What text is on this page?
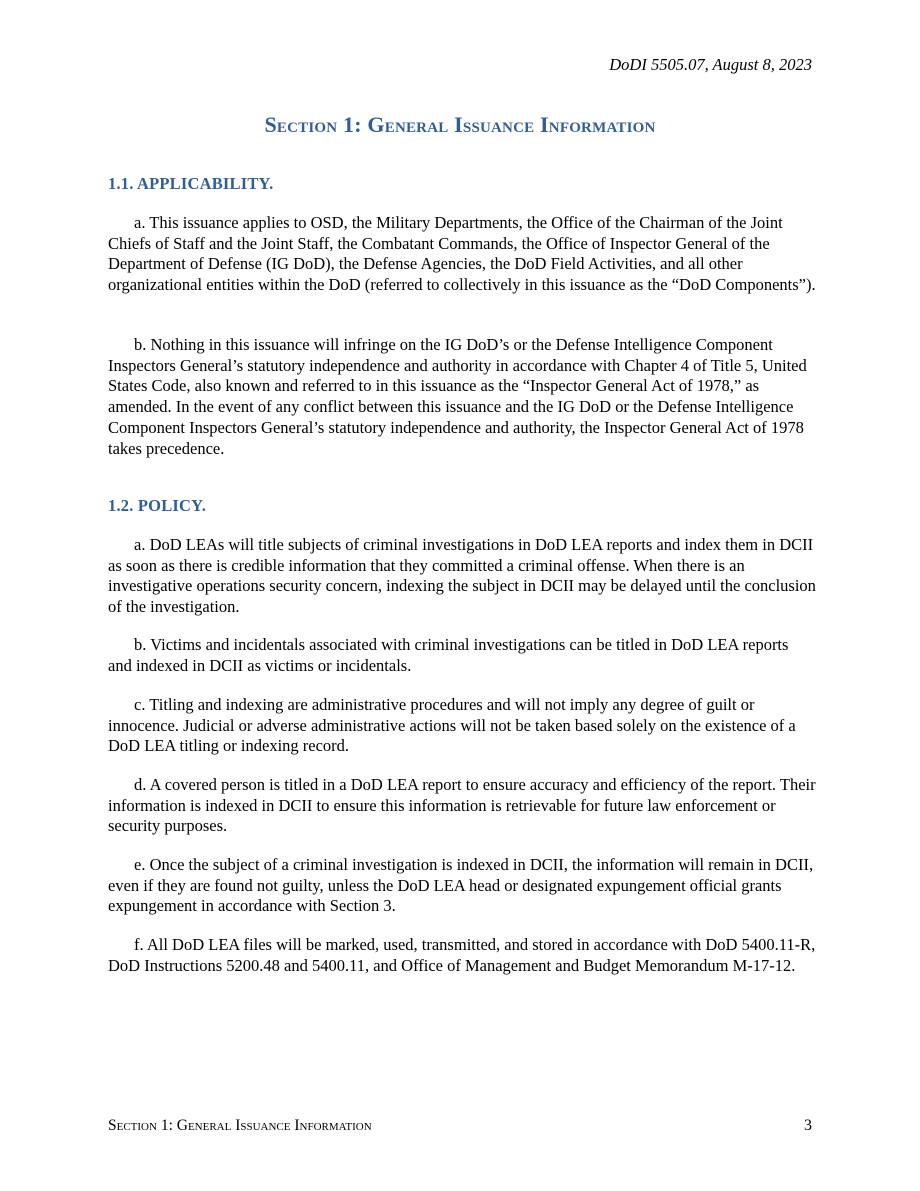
DoDI 5505.07, August 8, 2023
Section 1: General Issuance Information
1.1. APPLICABILITY.

a. This issuance applies to OSD, the Military Departments, the Office of the Chairman of the Joint Chiefs of Staff and the Joint Staff, the Combatant Commands, the Office of Inspector General of the Department of Defense (IG DoD), the Defense Agencies, the DoD Field Activities, and all other organizational entities within the DoD (referred to collectively in this issuance as the “DoD Components”).

b. Nothing in this issuance will infringe on the IG DoD’s or the Defense Intelligence Component Inspectors General’s statutory independence and authority in accordance with Chapter 4 of Title 5, United States Code, also known and referred to in this issuance as the “Inspector General Act of 1978,” as amended. In the event of any conflict between this issuance and the IG DoD or the Defense Intelligence Component Inspectors General’s statutory independence and authority, the Inspector General Act of 1978 takes precedence.

1.2. POLICY.

a. DoD LEAs will title subjects of criminal investigations in DoD LEA reports and index them in DCII as soon as there is credible information that they committed a criminal offense. When there is an investigative operations security concern, indexing the subject in DCII may be delayed until the conclusion of the investigation.

b. Victims and incidentals associated with criminal investigations can be titled in DoD LEA reports and indexed in DCII as victims or incidentals.

c. Titling and indexing are administrative procedures and will not imply any degree of guilt or innocence. Judicial or adverse administrative actions will not be taken based solely on the existence of a DoD LEA titling or indexing record.

d. A covered person is titled in a DoD LEA report to ensure accuracy and efficiency of the report. Their information is indexed in DCII to ensure this information is retrievable for future law enforcement or security purposes.

e. Once the subject of a criminal investigation is indexed in DCII, the information will remain in DCII, even if they are found not guilty, unless the DoD LEA head or designated expungement official grants expungement in accordance with Section 3.

f. All DoD LEA files will be marked, used, transmitted, and stored in accordance with DoD 5400.11-R, DoD Instructions 5200.48 and 5400.11, and Office of Management and Budget Memorandum M-17-12.

Section 1: General Issuance Information	3
